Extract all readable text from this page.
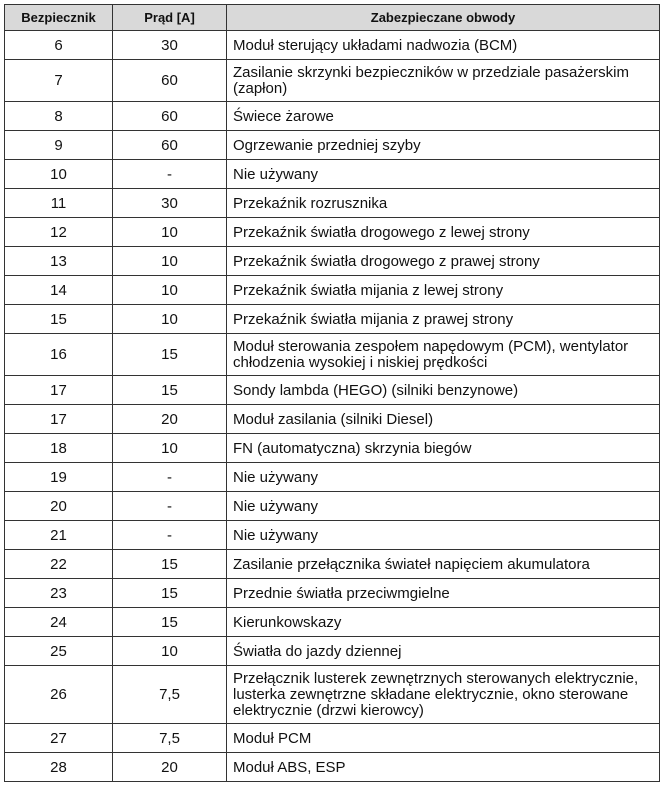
Bezpiecznik	Prąd [A]	Zabezpieczane obwody
6	30	Moduł sterujący układami nadwozia (BCM)
7	60	Zasilanie skrzynki bezpieczników w przedziale pasażerskim (zapłon)
8	60	Świece żarowe
9	60	Ogrzewanie przedniej szyby
10	-	Nie używany
11	30	Przekaźnik rozrusznika
12	10	Przekaźnik światła drogowego z lewej strony
13	10	Przekaźnik światła drogowego z prawej strony
14	10	Przekaźnik światła mijania z lewej strony
15	10	Przekaźnik światła mijania z prawej strony
16	15	Moduł sterowania zespołem napędowym (PCM), wentylator chłodzenia wysokiej i niskiej prędkości
17	15	Sondy lambda (HEGO) (silniki benzynowe)
17	20	Moduł zasilania (silniki Diesel)
18	10	FN (automatyczna) skrzynia biegów
19	-	Nie używany
20	-	Nie używany
21	-	Nie używany
22	15	Zasilanie przełącznika świateł napięciem akumulatora
23	15	Przednie światła przeciwmgielne
24	15	Kierunkowskazy
25	10	Światła do jazdy dziennej
26	7,5	Przełącznik lusterek zewnętrznych sterowanych elektrycznie, lusterka zewnętrzne składane elektrycznie, okno sterowane elektrycznie (drzwi kierowcy)
27	7,5	Moduł PCM
28	20	Moduł ABS, ESP
